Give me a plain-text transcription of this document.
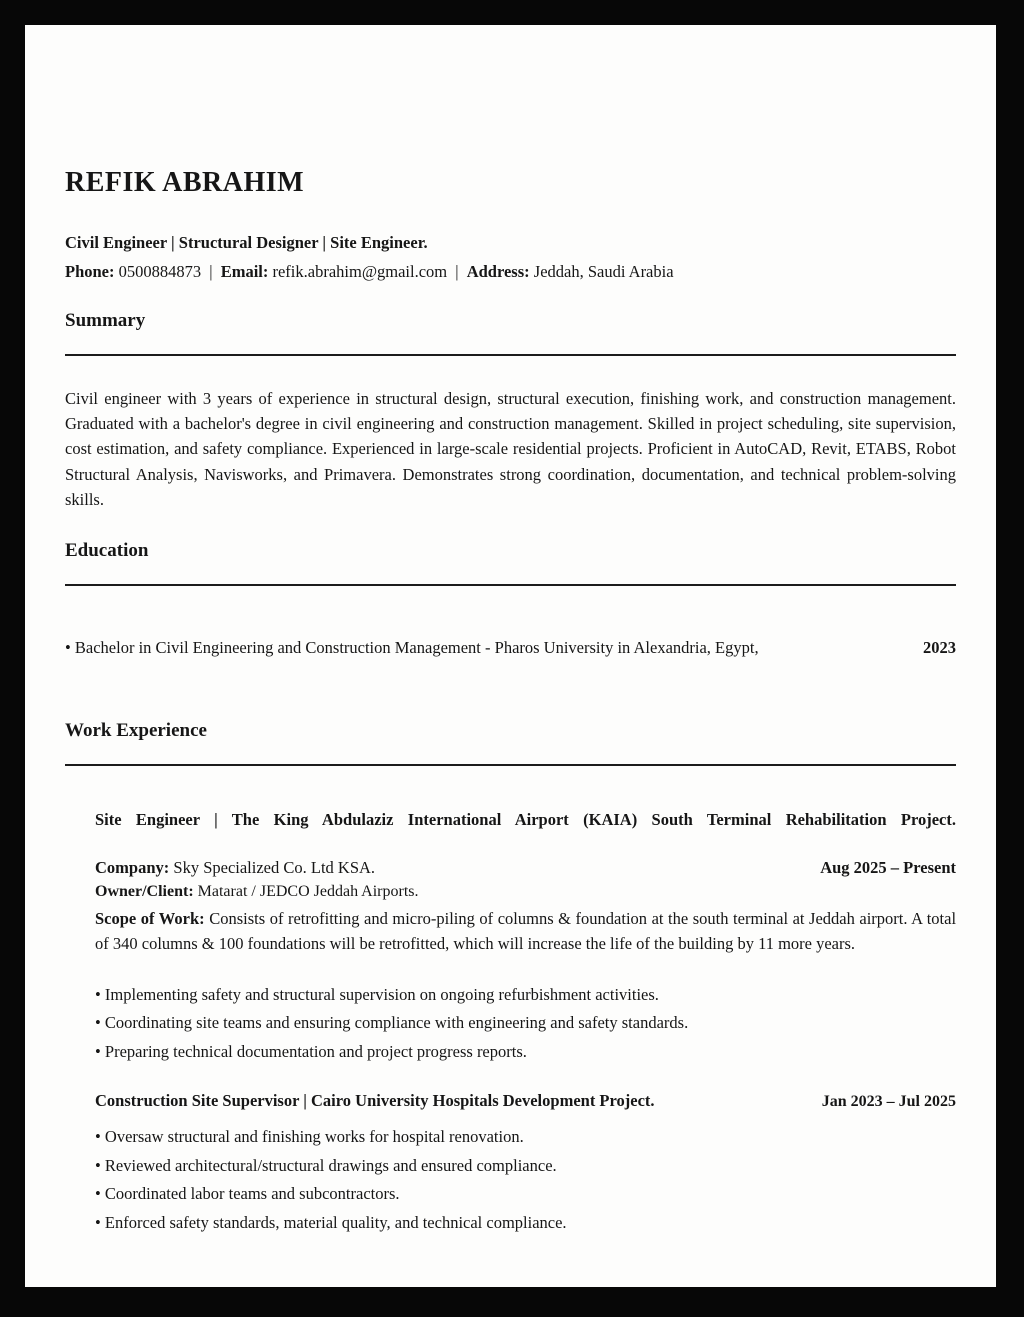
REFIK ABRAHIM
Civil Engineer | Structural Designer | Site Engineer.
Phone: 0500884873 | Email: refik.abrahim@gmail.com | Address: Jeddah, Saudi Arabia
Summary

Civil engineer with 3 years of experience in structural design, structural execution, finishing work, and construction management. Graduated with a bachelor's degree in civil engineering and construction management. Skilled in project scheduling, site supervision, cost estimation, and safety compliance. Experienced in large-scale residential projects. Proficient in AutoCAD, Revit, ETABS, Robot Structural Analysis, Navisworks, and Primavera. Demonstrates strong coordination, documentation, and technical problem-solving skills.

Education
• Bachelor in Civil Engineering and Construction Management - Pharos University in Alexandria, Egypt,	2023
Work Experience
Site Engineer | The King Abdulaziz International Airport (KAIA) South Terminal Rehabilitation Project.
Company: Sky Specialized Co. Ltd KSA.	Aug 2025 – Present
Owner/Client: Matarat / JEDCO Jeddah Airports.

Scope of Work: Consists of retrofitting and micro-piling of columns & foundation at the south terminal at Jeddah airport. A total of 340 columns & 100 foundations will be retrofitted, which will increase the life of the building by 11 more years.

• Implementing safety and structural supervision on ongoing refurbishment activities.
• Coordinating site teams and ensuring compliance with engineering and safety standards.
• Preparing technical documentation and project progress reports.
Construction Site Supervisor | Cairo University Hospitals Development Project.	Jan 2023 – Jul 2025
• Oversaw structural and finishing works for hospital renovation.
• Reviewed architectural/structural drawings and ensured compliance.
• Coordinated labor teams and subcontractors.
• Enforced safety standards, material quality, and technical compliance.
